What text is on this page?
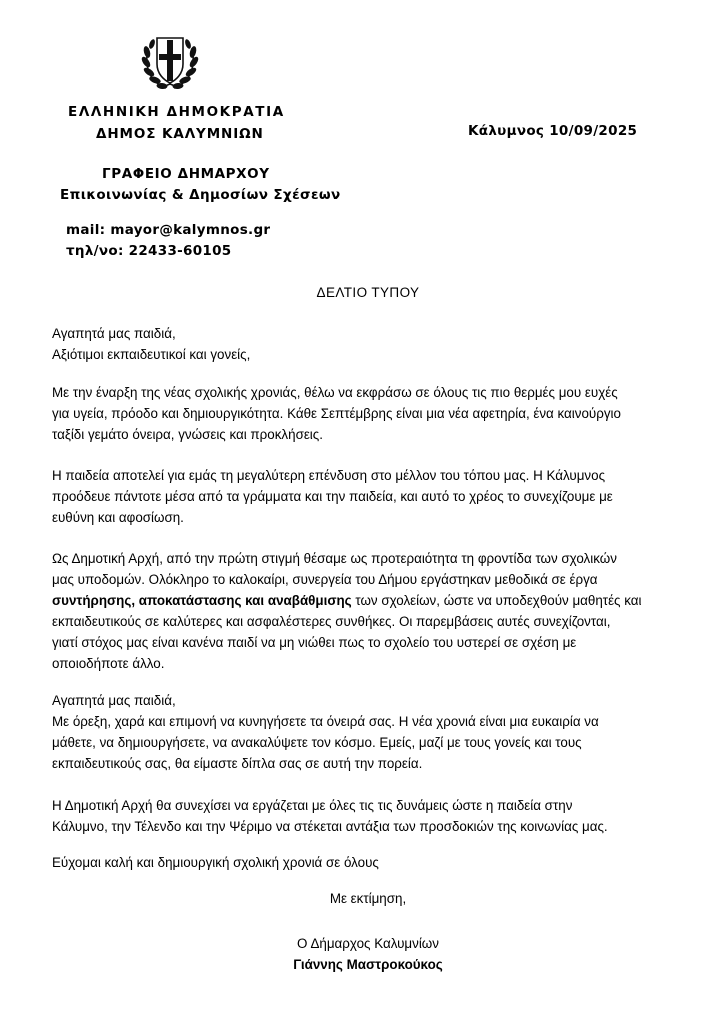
ΕΛΛΗΝΙΚΗ ΔΗΜΟΚΡΑΤΙΑ
ΔΗΜΟΣ ΚΑΛΥΜΝΙΩΝ	Κάλυμνος 10/09/2025
ΓΡΑΦΕΙΟ ΔΗΜΑΡΧΟΥ
Επικοινωνίας & Δημοσίων Σχέσεων
mail: mayor@kalymnos.gr
τηλ/νο: 22433-60105
ΔΕΛΤΙΟ ΤΥΠΟΥ
Αγαπητά μας παιδιά,
Αξιότιμοι εκπαιδευτικοί και γονείς,
Με την έναρξη της νέας σχολικής χρονιάς, θέλω να εκφράσω σε όλους τις πιο θερμές μου ευχές
για υγεία, πρόοδο και δημιουργικότητα. Κάθε Σεπτέμβρης είναι μια νέα αφετηρία, ένα καινούργιο
ταξίδι γεμάτο όνειρα, γνώσεις και προκλήσεις.
Η παιδεία αποτελεί για εμάς τη μεγαλύτερη επένδυση στο μέλλον του τόπου μας. Η Κάλυμνος
προόδευε πάντοτε μέσα από τα γράμματα και την παιδεία, και αυτό το χρέος το συνεχίζουμε με
ευθύνη και αφοσίωση.
Ως Δημοτική Αρχή, από την πρώτη στιγμή θέσαμε ως προτεραιότητα τη φροντίδα των σχολικών
μας υποδομών. Ολόκληρο το καλοκαίρι, συνεργεία του Δήμου εργάστηκαν μεθοδικά σε έργα
συντήρησης, αποκατάστασης και αναβάθμισης των σχολείων, ώστε να υποδεχθούν μαθητές και
εκπαιδευτικούς σε καλύτερες και ασφαλέστερες συνθήκες. Οι παρεμβάσεις αυτές συνεχίζονται,
γιατί στόχος μας είναι κανένα παιδί να μη νιώθει πως το σχολείο του υστερεί σε σχέση με
οποιοδήποτε άλλο.
Αγαπητά μας παιδιά,
Με όρεξη, χαρά και επιμονή να κυνηγήσετε τα όνειρά σας. Η νέα χρονιά είναι μια ευκαιρία να
μάθετε, να δημιουργήσετε, να ανακαλύψετε τον κόσμο. Εμείς, μαζί με τους γονείς και τους
εκπαιδευτικούς σας, θα είμαστε δίπλα σας σε αυτή την πορεία.
Η Δημοτική Αρχή θα συνεχίσει να εργάζεται με όλες τις τις δυνάμεις ώστε η παιδεία στην
Κάλυμνο, την Τέλενδο και την Ψέριμο να στέκεται αντάξια των προσδοκιών της κοινωνίας μας.
Εύχομαι καλή και δημιουργική σχολική χρονιά σε όλους
Με εκτίμηση,
Ο Δήμαρχος Καλυμνίων
Γιάννης Μαστροκούκος
